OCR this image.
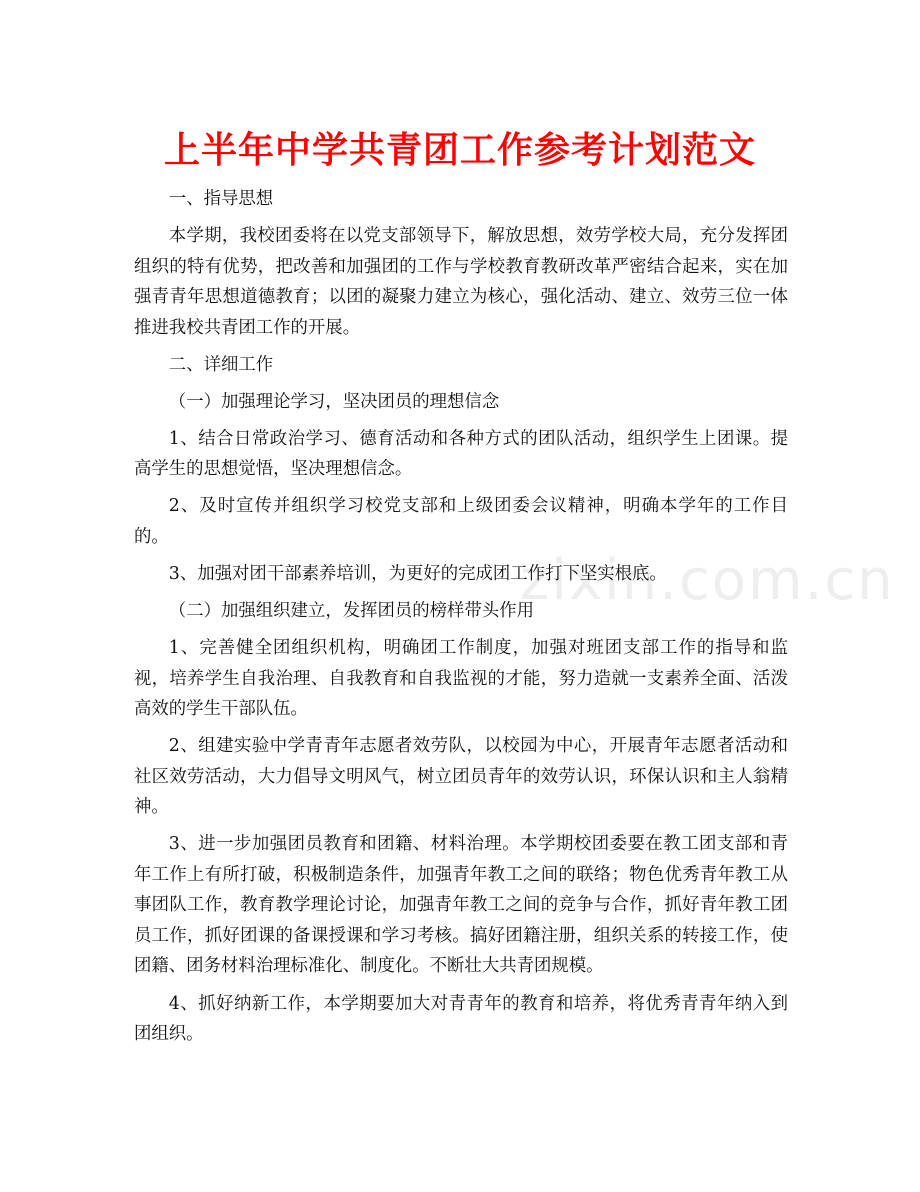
上半年中学共青团工作参考计划范文
zixin.com.cn

一、指导思想

本学期，我校团委将在以党支部领导下，解放思想，效劳学校大局，充分发挥团组织的特有优势，把改善和加强团的工作与学校教育教研改革严密结合起来，实在加强青青年思想道德教育；以团的凝聚力建立为核心，强化活动、建立、效劳三位一体推进我校共青团工作的开展。

二、详细工作

（一）加强理论学习，坚决团员的理想信念

1、结合日常政治学习、德育活动和各种方式的团队活动，组织学生上团课。提高学生的思想觉悟，坚决理想信念。

2、及时宣传并组织学习校党支部和上级团委会议精神，明确本学年的工作目的。

3、加强对团干部素养培训，为更好的完成团工作打下坚实根底。

（二）加强组织建立，发挥团员的榜样带头作用

1、完善健全团组织机构，明确团工作制度，加强对班团支部工作的指导和监视，培养学生自我治理、自我教育和自我监视的才能，努力造就一支素养全面、活泼高效的学生干部队伍。

2、组建实验中学青青年志愿者效劳队，以校园为中心，开展青年志愿者活动和社区效劳活动，大力倡导文明风气，树立团员青年的效劳认识，环保认识和主人翁精神。

3、进一步加强团员教育和团籍、材料治理。本学期校团委要在教工团支部和青年工作上有所打破，积极制造条件，加强青年教工之间的联络；物色优秀青年教工从事团队工作，教育教学理论讨论，加强青年教工之间的竞争与合作，抓好青年教工团员工作，抓好团课的备课授课和学习考核。搞好团籍注册，组织关系的转接工作，使团籍、团务材料治理标准化、制度化。不断壮大共青团规模。

4、抓好纳新工作，本学期要加大对青青年的教育和培养，将优秀青青年纳入到团组织。
